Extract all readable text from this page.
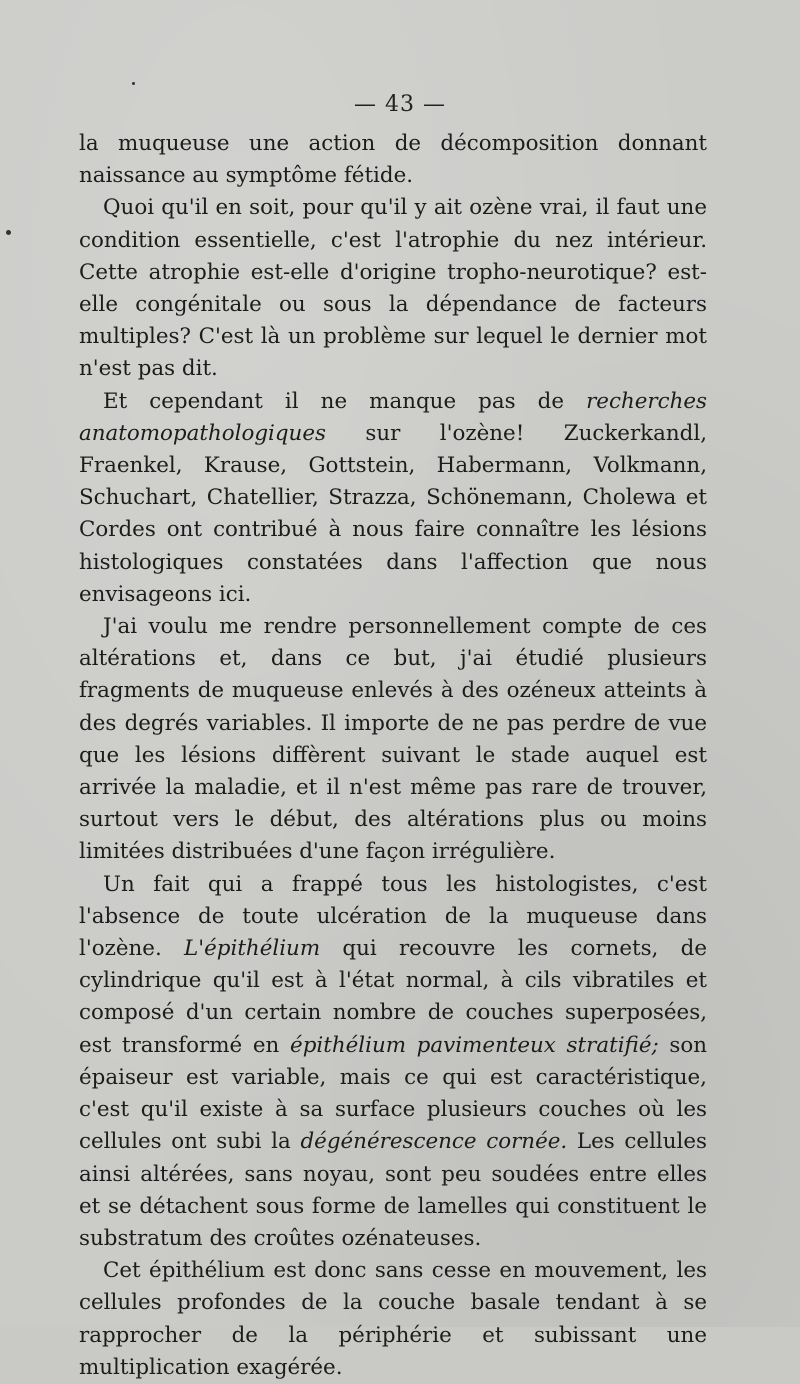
— 43 —

la muqueuse une action de décomposition donnant naissance au symptôme fétide.

Quoi qu'il en soit, pour qu'il y ait ozène vrai, il faut une condition essentielle, c'est l'atrophie du nez intérieur. Cette atrophie est-elle d'origine tropho-neurotique? est-elle congénitale ou sous la dépendance de facteurs multiples? C'est là un problème sur lequel le dernier mot n'est pas dit.

Et cependant il ne manque pas de recherches anatomopathologiques sur l'ozène! Zuckerkandl, Fraenkel, Krause, Gottstein, Habermann, Volkmann, Schuchart, Chatellier, Strazza, Schönemann, Cholewa et Cordes ont contribué à nous faire connaître les lésions histologiques constatées dans l'affection que nous envisageons ici.

J'ai voulu me rendre personnellement compte de ces altérations et, dans ce but, j'ai étudié plusieurs fragments de muqueuse enlevés à des ozéneux atteints à des degrés variables. Il importe de ne pas perdre de vue que les lésions diffèrent suivant le stade auquel est arrivée la maladie, et il n'est même pas rare de trouver, surtout vers le début, des altérations plus ou moins limitées distribuées d'une façon irrégulière.

Un fait qui a frappé tous les histologistes, c'est l'absence de toute ulcération de la muqueuse dans l'ozène. L'épithélium qui recouvre les cornets, de cylindrique qu'il est à l'état normal, à cils vibratiles et composé d'un certain nombre de couches superposées, est transformé en épithélium pavimenteux stratifié; son épaiseur est variable, mais ce qui est caractéristique, c'est qu'il existe à sa surface plusieurs couches où les cellules ont subi la dégénérescence cornée. Les cellules ainsi altérées, sans noyau, sont peu soudées entre elles et se détachent sous forme de lamelles qui constituent le substratum des croûtes ozénateuses.

Cet épithélium est donc sans cesse en mouvement, les cellules profondes de la couche basale tendant à se rapprocher de la périphérie et subissant une multiplication exagérée.
